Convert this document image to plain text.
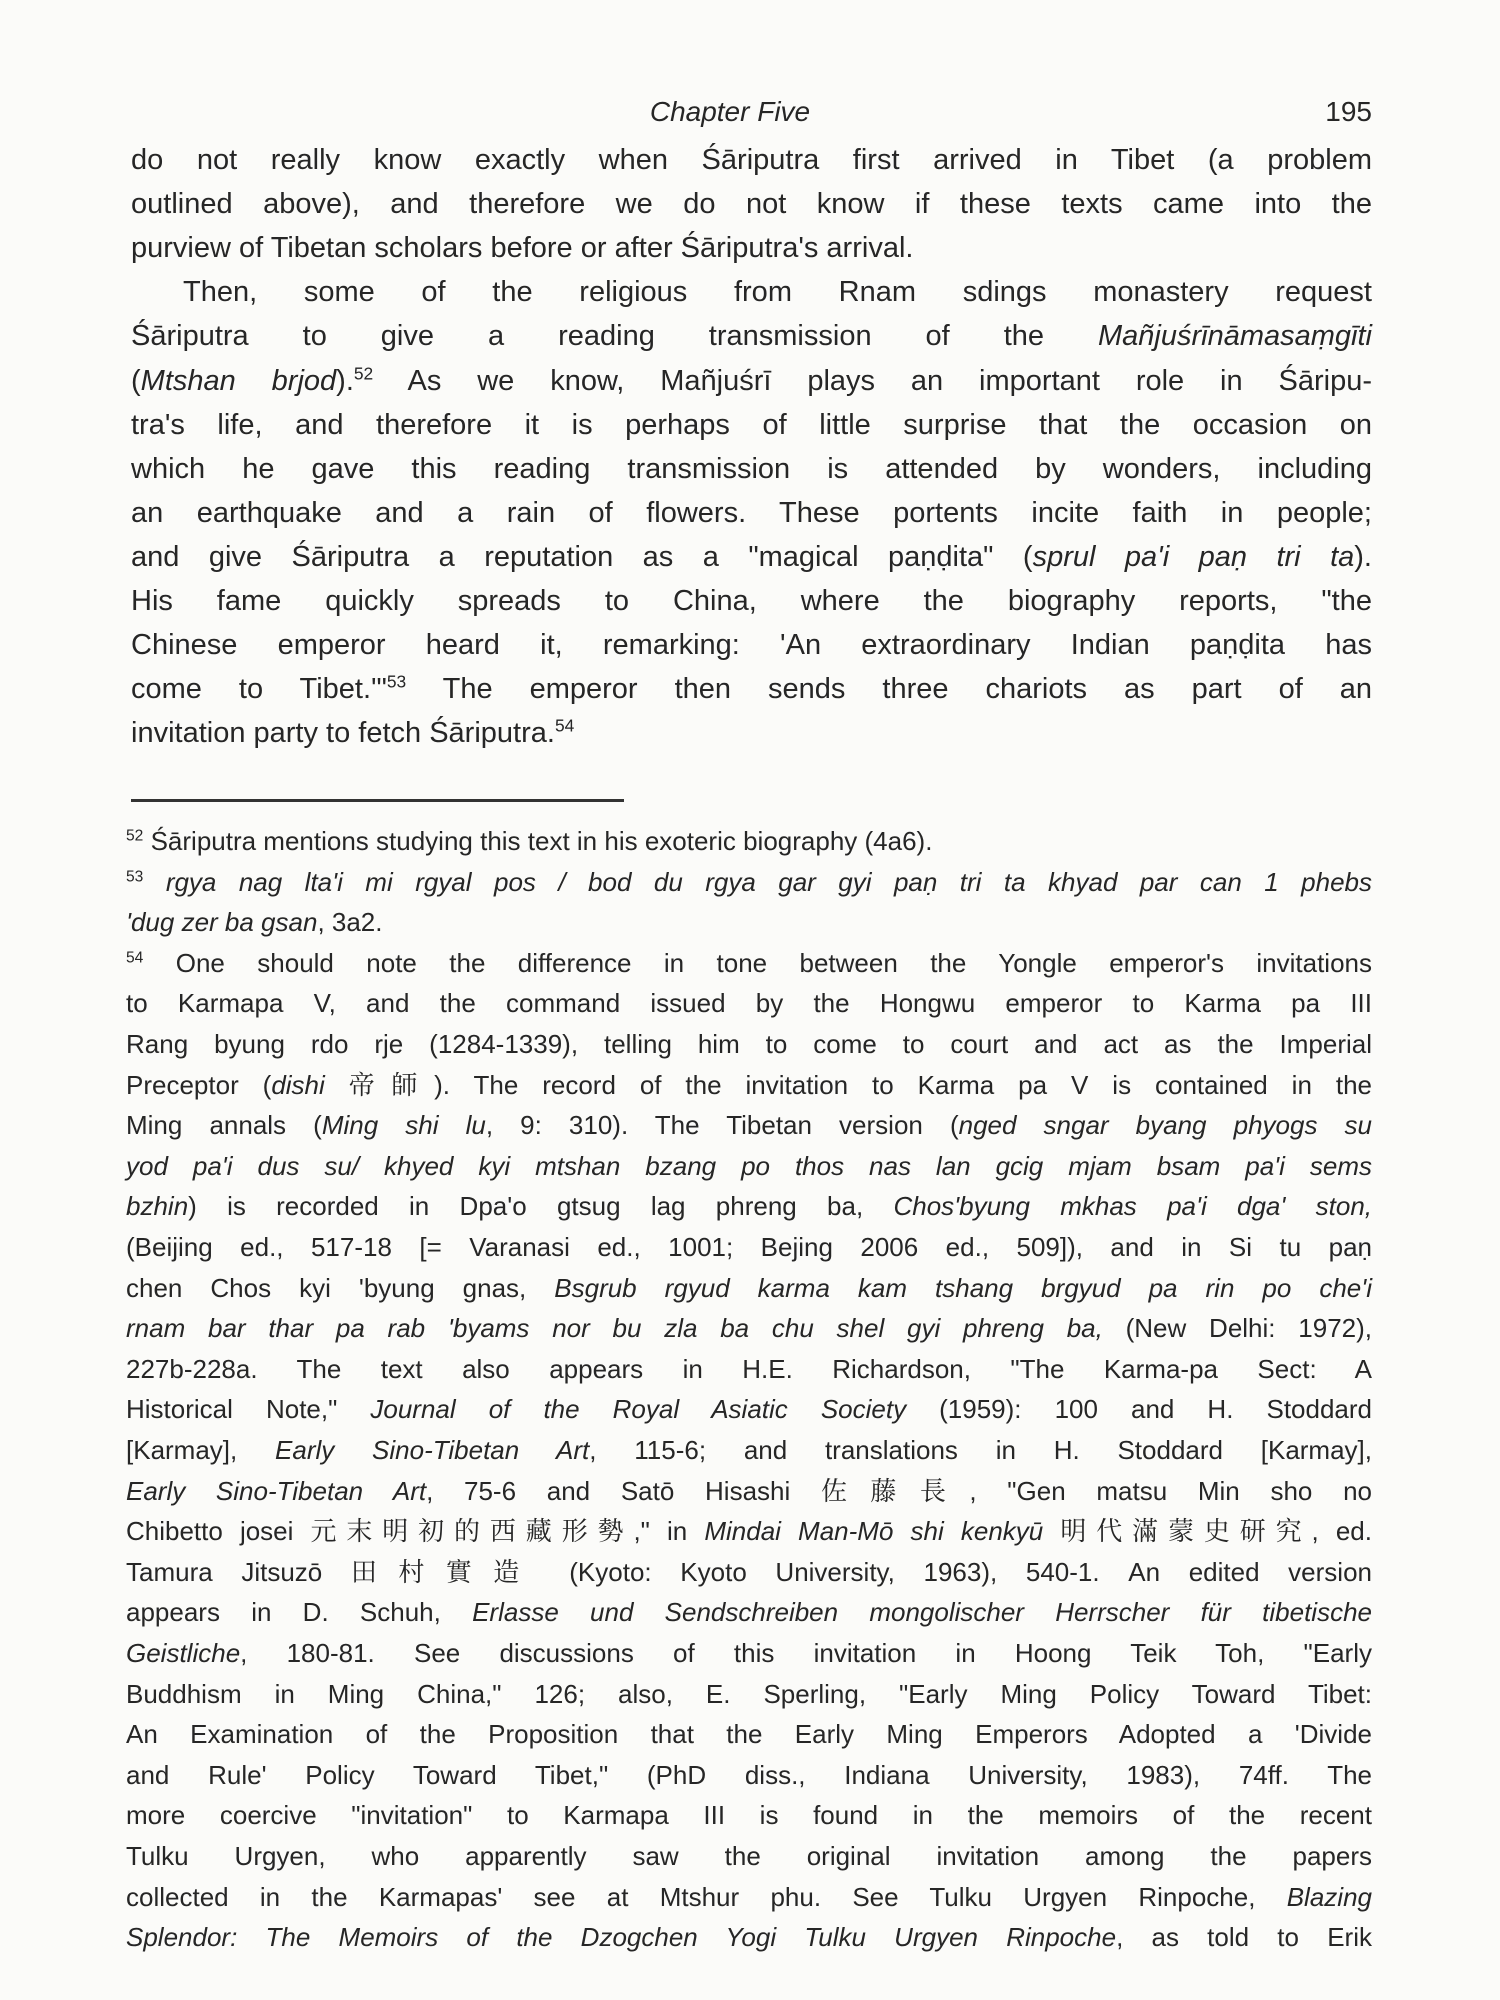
Chapter Five	195
do not really know exactly when Śāriputra first arrived in Tibet (a problem
outlined above), and therefore we do not know if these texts came into the
purview of Tibetan scholars before or after Śāriputra's arrival.
Then, some of the religious from Rnam sdings monastery request
Śāriputra to give a reading transmission of the Mañjuśrīnāmasaṃgīti
(Mtshan brjod).$^{52}$ As we know, Mañjuśrī plays an important role in Śāripu-
tra's life, and therefore it is perhaps of little surprise that the occasion on
which he gave this reading transmission is attended by wonders, including
an earthquake and a rain of flowers. These portents incite faith in people;
and give Śāriputra a reputation as a "magical paṇḍita" (sprul pa'i paṇ tri ta).
His fame quickly spreads to China, where the biography reports, "the
Chinese emperor heard it, remarking: 'An extraordinary Indian paṇḍita has
come to Tibet.'"$^{53}$ The emperor then sends three chariots as part of an
invitation party to fetch Śāriputra.$^{54}$
$^{52}$ Śāriputra mentions studying this text in his exoteric biography (4a6).
$^{53}$ rgya nag lta'i mi rgyal pos / bod du rgya gar gyi paṇ tri ta khyad par can 1 phebs
'dug zer ba gsan, 3a2.
$^{54}$ One should note the difference in tone between the Yongle emperor's invitations
to Karmapa V, and the command issued by the Hongwu emperor to Karma pa III
Rang byung rdo rje (1284-1339), telling him to come to court and act as the Imperial
Preceptor (dishi 帝師). The record of the invitation to Karma pa V is contained in the
Ming annals (Ming shi lu, 9: 310). The Tibetan version (nged sngar byang phyogs su
yod pa'i dus su/ khyed kyi mtshan bzang po thos nas lan gcig mjam bsam pa'i sems
bzhin) is recorded in Dpa'o gtsug lag phreng ba, Chos'byung mkhas pa'i dga' ston,
(Beijing ed., 517-18 [= Varanasi ed., 1001; Bejing 2006 ed., 509]), and in Si tu paṇ
chen Chos kyi 'byung gnas, Bsgrub rgyud karma kam tshang brgyud pa rin po che'i
rnam bar thar pa rab 'byams nor bu zla ba chu shel gyi phreng ba, (New Delhi: 1972),
227b-228a. The text also appears in H.E. Richardson, "The Karma-pa Sect: A
Historical Note," Journal of the Royal Asiatic Society (1959): 100 and H. Stoddard
[Karmay], Early Sino-Tibetan Art, 115-6; and translations in H. Stoddard [Karmay],
Early Sino-Tibetan Art, 75-6 and Satō Hisashi 佐藤長, "Gen matsu Min sho no
Chibetto josei 元末明初的西藏形勢," in Mindai Man-Mō shi kenkyū 明代滿蒙史研究, ed.
Tamura Jitsuzō 田村實造 (Kyoto: Kyoto University, 1963), 540-1. An edited version
appears in D. Schuh, Erlasse und Sendschreiben mongolischer Herrscher für tibetische
Geistliche, 180-81. See discussions of this invitation in Hoong Teik Toh, "Early
Buddhism in Ming China," 126; also, E. Sperling, "Early Ming Policy Toward Tibet:
An Examination of the Proposition that the Early Ming Emperors Adopted a 'Divide
and Rule' Policy Toward Tibet," (PhD diss., Indiana University, 1983), 74ff. The
more coercive "invitation" to Karmapa III is found in the memoirs of the recent
Tulku Urgyen, who apparently saw the original invitation among the papers
collected in the Karmapas' see at Mtshur phu. See Tulku Urgyen Rinpoche, Blazing
Splendor: The Memoirs of the Dzogchen Yogi Tulku Urgyen Rinpoche, as told to Erik
